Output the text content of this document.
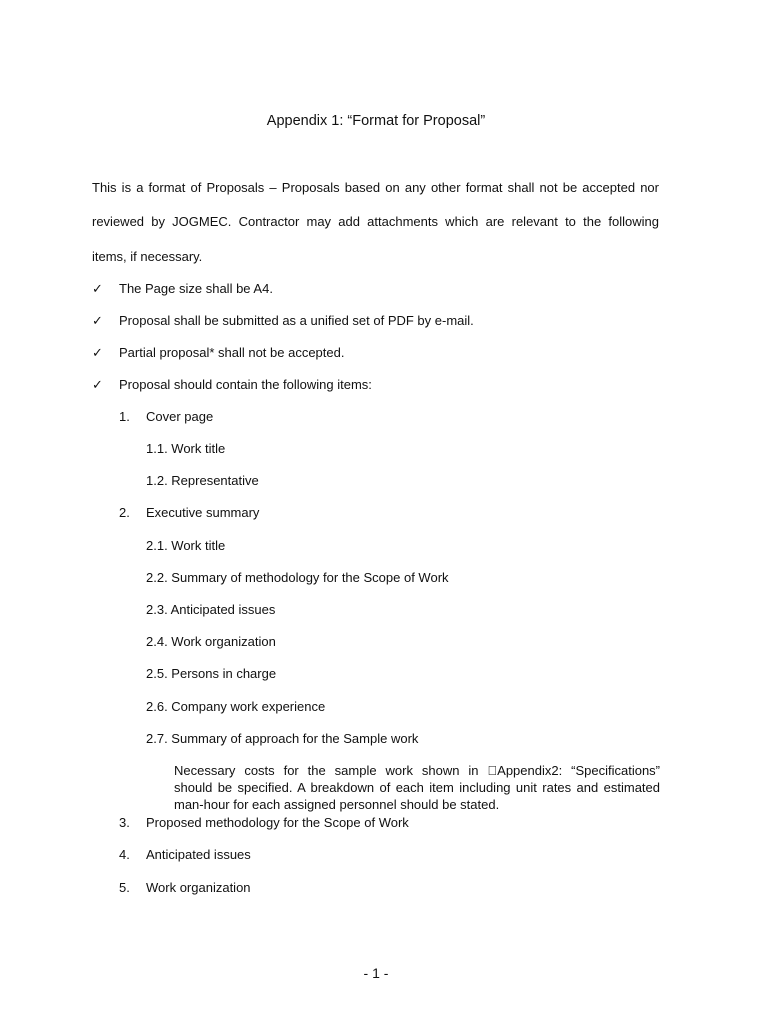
Appendix 1: “Format for Proposal”
This is a format of Proposals – Proposals based on any other format shall not be accepted nor
reviewed by JOGMEC. Contractor may add attachments which are relevant to the following
items, if necessary.
✓ The Page size shall be A4.
✓ Proposal shall be submitted as a unified set of PDF by e-mail.
✓ Partial proposal* shall not be accepted.
✓ Proposal should contain the following items:
1. Cover page
1.1. Work title
1.2. Representative
2. Executive summary
2.1. Work title
2.2. Summary of methodology for the Scope of Work
2.3. Anticipated issues
2.4. Work organization
2.5. Persons in charge
2.6. Company work experience
2.7. Summary of approach for the Sample work
Necessary costs for the sample work shown in Appendix2: “Specifications”
should be specified. A breakdown of each item including unit rates and estimated
man-hour for each assigned personnel should be stated.
3. Proposed methodology for the Scope of Work
4. Anticipated issues
5. Work organization
- 1 -
